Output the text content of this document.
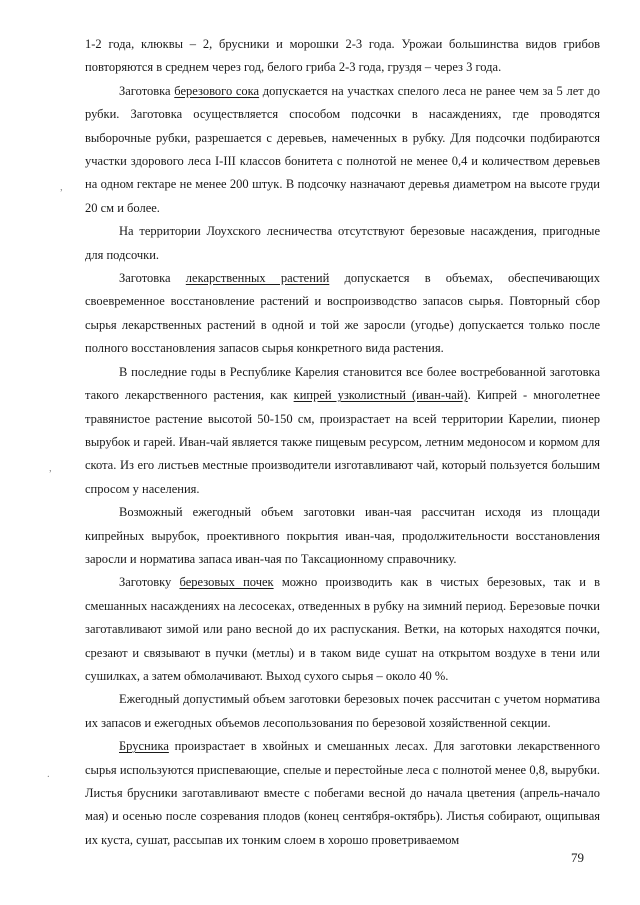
1-2 года, клюквы – 2, брусники и морошки 2-3 года. Урожаи большинства видов грибов повторяются в среднем через год, белого гриба 2-3 года, груздя – через 3 года.

Заготовка березового сока допускается на участках спелого леса не ранее чем за 5 лет до рубки. Заготовка осуществляется способом подсочки в насаждениях, где проводятся выборочные рубки, разрешается с деревьев, намеченных в рубку. Для подсочки подбираются участки здорового леса I-III классов бонитета с полнотой не менее 0,4 и количеством деревьев на одном гектаре не менее 200 штук. В подсочку назначают деревья диаметром на высоте груди 20 см и более.

На территории Лоухского лесничества отсутствуют березовые насаждения, пригодные для подсочки.

Заготовка лекарственных растений допускается в объемах, обеспечивающих своевременное восстановление растений и воспроизводство запасов сырья. Повторный сбор сырья лекарственных растений в одной и той же заросли (угодье) допускается только после полного восстановления запасов сырья конкретного вида растения.

В последние годы в Республике Карелия становится все более востребованной заготовка такого лекарственного растения, как кипрей узколистный (иван-чай). Кипрей - многолетнее травянистое растение высотой 50-150 см, произрастает на всей территории Карелии, пионер вырубок и гарей. Иван-чай является также пищевым ресурсом, летним медоносом и кормом для скота. Из его листьев местные производители изготавливают чай, который пользуется большим спросом у населения.

Возможный ежегодный объем заготовки иван-чая рассчитан исходя из площади кипрейных вырубок, проективного покрытия иван-чая, продолжительности восстановления заросли и норматива запаса иван-чая по Таксационному справочнику.

Заготовку березовых почек можно производить как в чистых березовых, так и в смешанных насаждениях на лесосеках, отведенных в рубку на зимний период. Березовые почки заготавливают зимой или рано весной до их распускания. Ветки, на которых находятся почки, срезают и связывают в пучки (метлы) и в таком виде сушат на открытом воздухе в тени или сушилках, а затем обмолачивают. Выход сухого сырья – около 40 %.

Ежегодный допустимый объем заготовки березовых почек рассчитан с учетом норматива их запасов и ежегодных объемов лесопользования по березовой хозяйственной секции.

Брусника произрастает в хвойных и смешанных лесах. Для заготовки лекарственного сырья используются приспевающие, спелые и перестойные леса с полнотой менее 0,8, вырубки. Листья брусники заготавливают вместе с побегами весной до начала цветения (апрель-начало мая) и осенью после созревания плодов (конец сентября-октябрь). Листья собирают, ощипывая их куста, сушат, рассыпав их тонким слоем в хорошо проветриваемом

79
,
,
.
